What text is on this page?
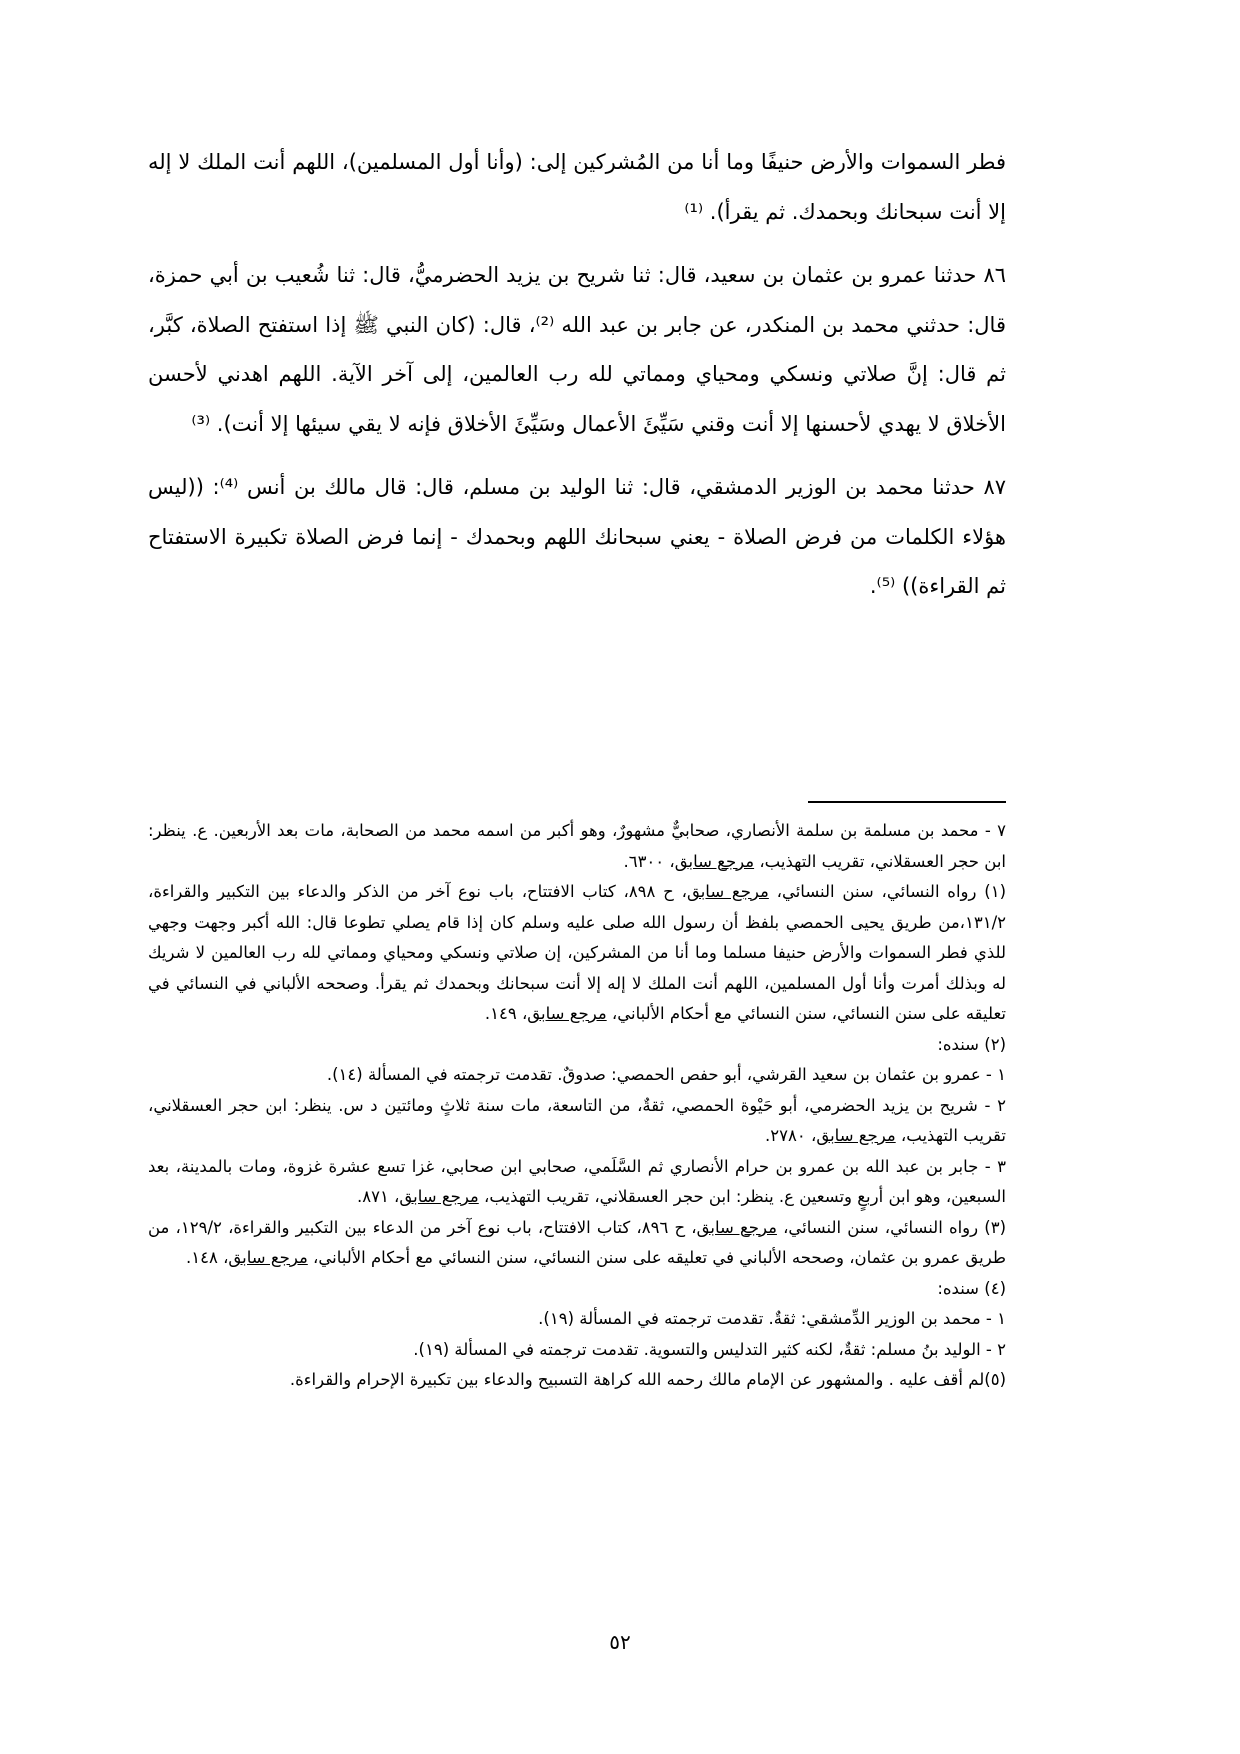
فطر السموات والأرض حنيفًا وما أنا من المُشركين إلى: (وأنا أول المسلمين)، اللهم أنت الملك لا إله إلا أنت سبحانك وبحمدك. ثم يقرأ). ⁽¹⁾

٨٦ حدثنا عمرو بن عثمان بن سعيد، قال: ثنا شريح بن يزيد الحضرميُّ، قال: ثنا شُعيب بن أبي حمزة، قال: حدثني محمد بن المنكدر، عن جابر بن عبد الله ⁽²⁾، قال: (كان النبي ﷺ إذا استفتح الصلاة، كبَّر، ثم قال: إنَّ صلاتي ونسكي ومحياي ومماتي لله رب العالمين، إلى آخر الآية. اللهم اهدني لأحسن الأخلاق لا يهدي لأحسنها إلا أنت وقني سَيِّئَ الأعمال وسَيِّئَ الأخلاق فإنه لا يقي سيئها إلا أنت). ⁽³⁾

٨٧ حدثنا محمد بن الوزير الدمشقي، قال: ثنا الوليد بن مسلم، قال: قال مالك بن أنس ⁽⁴⁾: ((ليس هؤلاء الكلمات من فرض الصلاة - يعني سبحانك اللهم وبحمدك - إنما فرض الصلاة تكبيرة الاستفتاح ثم القراءة)) ⁽⁵⁾.

٧ - محمد بن مسلمة بن سلمة الأنصاري، صحابيٌّ مشهورٌ، وهو أكبر من اسمه محمد من الصحابة، مات بعد الأربعين. ع. ينظر: ابن حجر العسقلاني، تقريب التهذيب، مرجع سابق، ٦٣٠٠.

(١) رواه النسائي، سنن النسائي، مرجع سابق، ح ٨٩٨، كتاب الافتتاح، باب نوع آخر من الذكر والدعاء بين التكبير والقراءة، ١٣١/٢،من طريق يحيى الحمصي بلفظ أن رسول الله صلى عليه وسلم كان إذا قام يصلي تطوعا قال: الله أكبر وجهت وجهي للذي فطر السموات والأرض حنيفا مسلما وما أنا من المشركين، إن صلاتي ونسكي ومحياي ومماتي لله رب العالمين لا شريك له وبذلك أمرت وأنا أول المسلمين، اللهم أنت الملك لا إله إلا أنت سبحانك وبحمدك ثم يقرأ. وصححه الألباني في النسائي في تعليقه على سنن النسائي، سنن النسائي مع أحكام الألباني، مرجع سابق، ١٤٩.

(٢) سنده:

١ - عمرو بن عثمان بن سعيد القرشي، أبو حفص الحمصي: صدوقٌ. تقدمت ترجمته في المسألة (١٤).

٢ - شريح بن يزيد الحضرمي، أبو حَيْوة الحمصي، ثقةٌ، من التاسعة، مات سنة ثلاثٍ ومائتين د س. ينظر: ابن حجر العسقلاني، تقريب التهذيب، مرجع سابق، ٢٧٨٠.

٣ - جابر بن عبد الله بن عمرو بن حرام الأنصاري ثم السَّلَمي، صحابي ابن صحابي، غزا تسع عشرة غزوة، ومات بالمدينة، بعد السبعين، وهو ابن أربعٍ وتسعين ع. ينظر: ابن حجر العسقلاني، تقريب التهذيب، مرجع سابق، ٨٧١.

(٣) رواه النسائي، سنن النسائي، مرجع سابق، ح ٨٩٦، كتاب الافتتاح، باب نوع آخر من الدعاء بين التكبير والقراءة، ١٢٩/٢، من طريق عمرو بن عثمان، وصححه الألباني في تعليقه على سنن النسائي، سنن النسائي مع أحكام الألباني، مرجع سابق، ١٤٨.

(٤) سنده:

١ - محمد بن الوزير الدِّمشقي: ثقةٌ. تقدمت ترجمته في المسألة (١٩).

٢ - الوليد بنُ مسلم: ثقةٌ، لكنه كثير التدليس والتسوية. تقدمت ترجمته في المسألة (١٩).

(٥)لم أقف عليه . والمشهور عن الإمام مالك رحمه الله كراهة التسبيح والدعاء بين تكبيرة الإحرام والقراءة.

٥٢
